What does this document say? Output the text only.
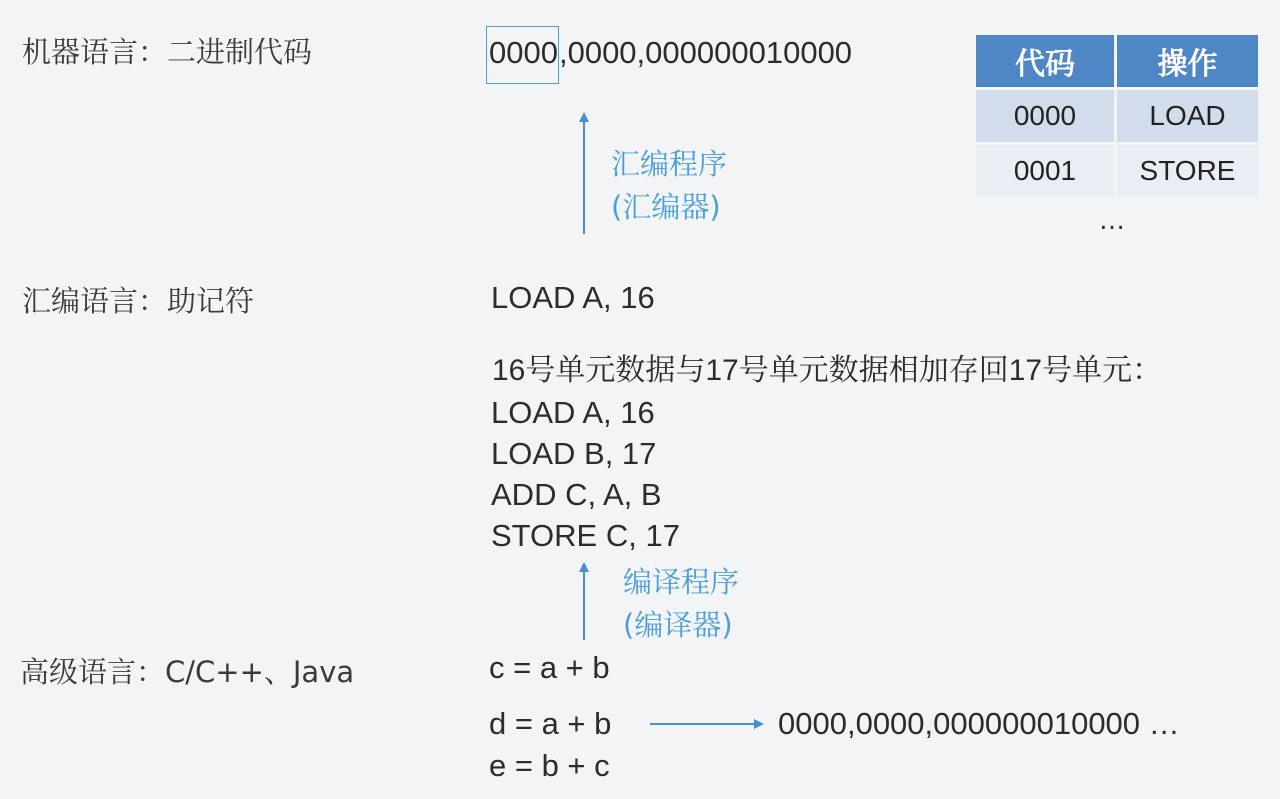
机器语言：二进制代码	0000,0000,000000010000	代码	操作
0000	LOAD
0001	STORE
…
汇编程序
(汇编器)
汇编语言：助记符	LOAD A, 16
16号单元数据与17号单元数据相加存回17号单元：
LOAD A, 16
LOAD B, 17
ADD C, A, B
STORE C, 17
编译程序
(编译器)
高级语言：C/C++、Java	c = a + b
d = a + b
e = b + c
0000,0000,000000010000 …
